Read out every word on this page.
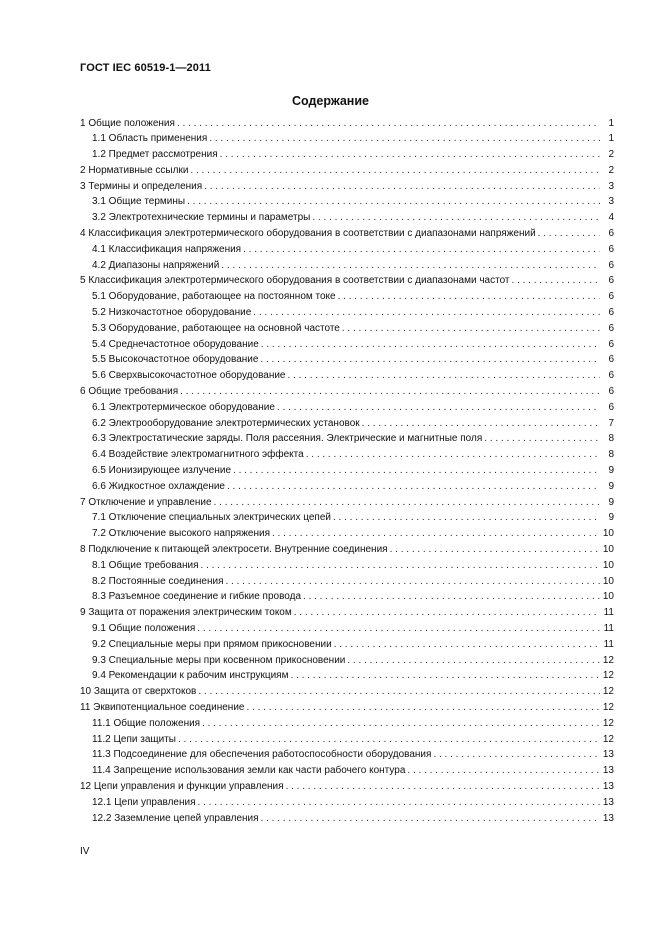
ГОСТ IEC 60519-1—2011
Содержание
1 Общие положения . . .	1
1.1 Область применения . . .	1
1.2 Предмет рассмотрения . . .	2
2 Нормативные ссылки . . .	2
3 Термины и определения . . .	3
3.1 Общие термины . . .	3
3.2 Электротехнические термины и параметры . . .	4
4 Классификация электротермического оборудования в соответствии с диапазонами напряжений . . .	6
4.1 Классификация напряжения . . .	6
4.2 Диапазоны напряжений . . .	6
5 Классификация электротермического оборудования в соответствии с диапазонами частот . . .	6
5.1 Оборудование, работающее на постоянном токе . . .	6
5.2 Низкочастотное оборудование . . .	6
5.3 Оборудование, работающее на основной частоте . . .	6
5.4 Среднечастотное оборудование . . .	6
5.5 Высокочастотное оборудование . . .	6
5.6 Сверхвысокочастотное оборудование . . .	6
6 Общие требования . . .	6
6.1 Электротермическое оборудование . . .	6
6.2 Электрооборудование электротермических установок . . .	7
6.3 Электростатические заряды. Поля рассеяния. Электрические и магнитные поля . . .	8
6.4 Воздействие электромагнитного эффекта . . .	8
6.5 Ионизирующее излучение . . .	9
6.6 Жидкостное охлаждение . . .	9
7 Отключение и управление . . .	9
7.1 Отключение специальных электрических цепей . . .	9
7.2 Отключение высокого напряжения . . .	10
8 Подключение к питающей электросети. Внутренние соединения . . .	10
8.1 Общие требования . . .	10
8.2 Постоянные соединения . . .	10
8.3 Разъемное соединение и гибкие провода . . .	10
9 Защита от поражения электрическим током . . .	11
9.1 Общие положения . . .	11
9.2 Специальные меры при прямом прикосновении . . .	11
9.3 Специальные меры при косвенном прикосновении . . .	12
9.4 Рекомендации к рабочим инструкциям . . .	12
10 Защита от сверхтоков . . .	12
11 Эквипотенциальное соединение . . .	12
11.1 Общие положения . . .	12
11.2 Цепи защиты . . .	12
11.3 Подсоединение для обеспечения работоспособности оборудования . . .	13
11.4 Запрещение использования земли как части рабочего контура . . .	13
12 Цепи управления и функции управления . . .	13
12.1 Цепи управления . . .	13
12.2 Заземление цепей управления . . .	13
IV
